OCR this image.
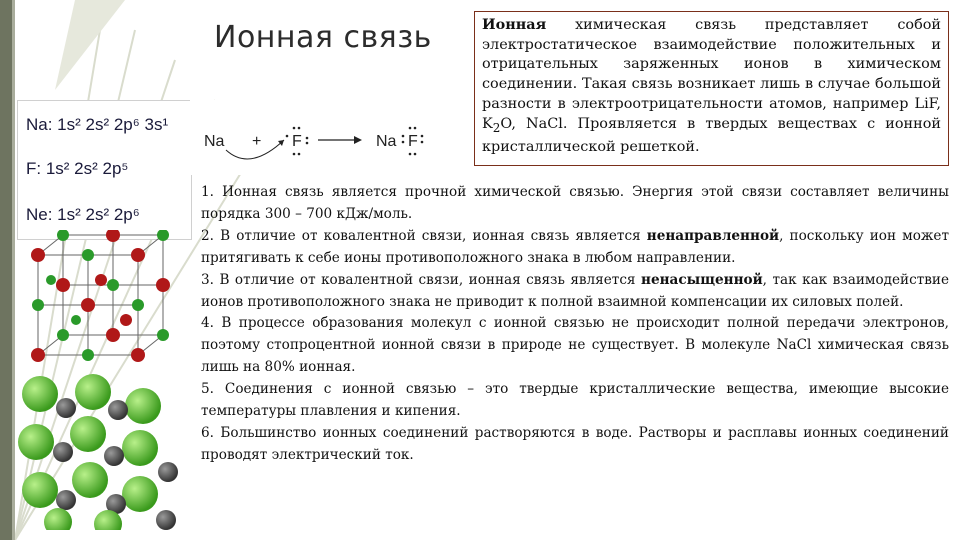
Ионная связь	Ионная химическая связь представляет собой электростатическое взаимодействие положительных и отрицательных заряженных ионов в химическом соединении. Такая связь возникает лишь в случае большой разности в электроотрицательности атомов, например LiF, $K_2O$, NaCl. Проявляется в твердых веществах с ионной кристаллической решеткой.
Na: 1s² 2s² 2p⁶ 3s¹
F: 1s² 2s² 2p⁵
Ne: 1s² 2s² 2p⁶
Na + F	Na F

1. Ионная связь является прочной химической связью. Энергия этой связи составляет величины порядка 300 – 700 кДж/моль.

2. В отличие от ковалентной связи, ионная связь является ненаправленной, поскольку ион может притягивать к себе ионы противоположного знака в любом направлении.

3. В отличие от ковалентной связи, ионная связь является ненасыщенной, так как взаимодействие ионов противоположного знака не приводит к полной взаимной компенсации их силовых полей.

4. В процессе образования молекул с ионной связью не происходит полной передачи электронов, поэтому стопроцентной ионной связи в природе не существует. В молекуле NaCl химическая связь лишь на 80% ионная.

5. Соединения с ионной связью – это твердые кристаллические вещества, имеющие высокие температуры плавления и кипения.

6. Большинство ионных соединений растворяются в воде. Растворы и расплавы ионных соединений проводят электрический ток.
